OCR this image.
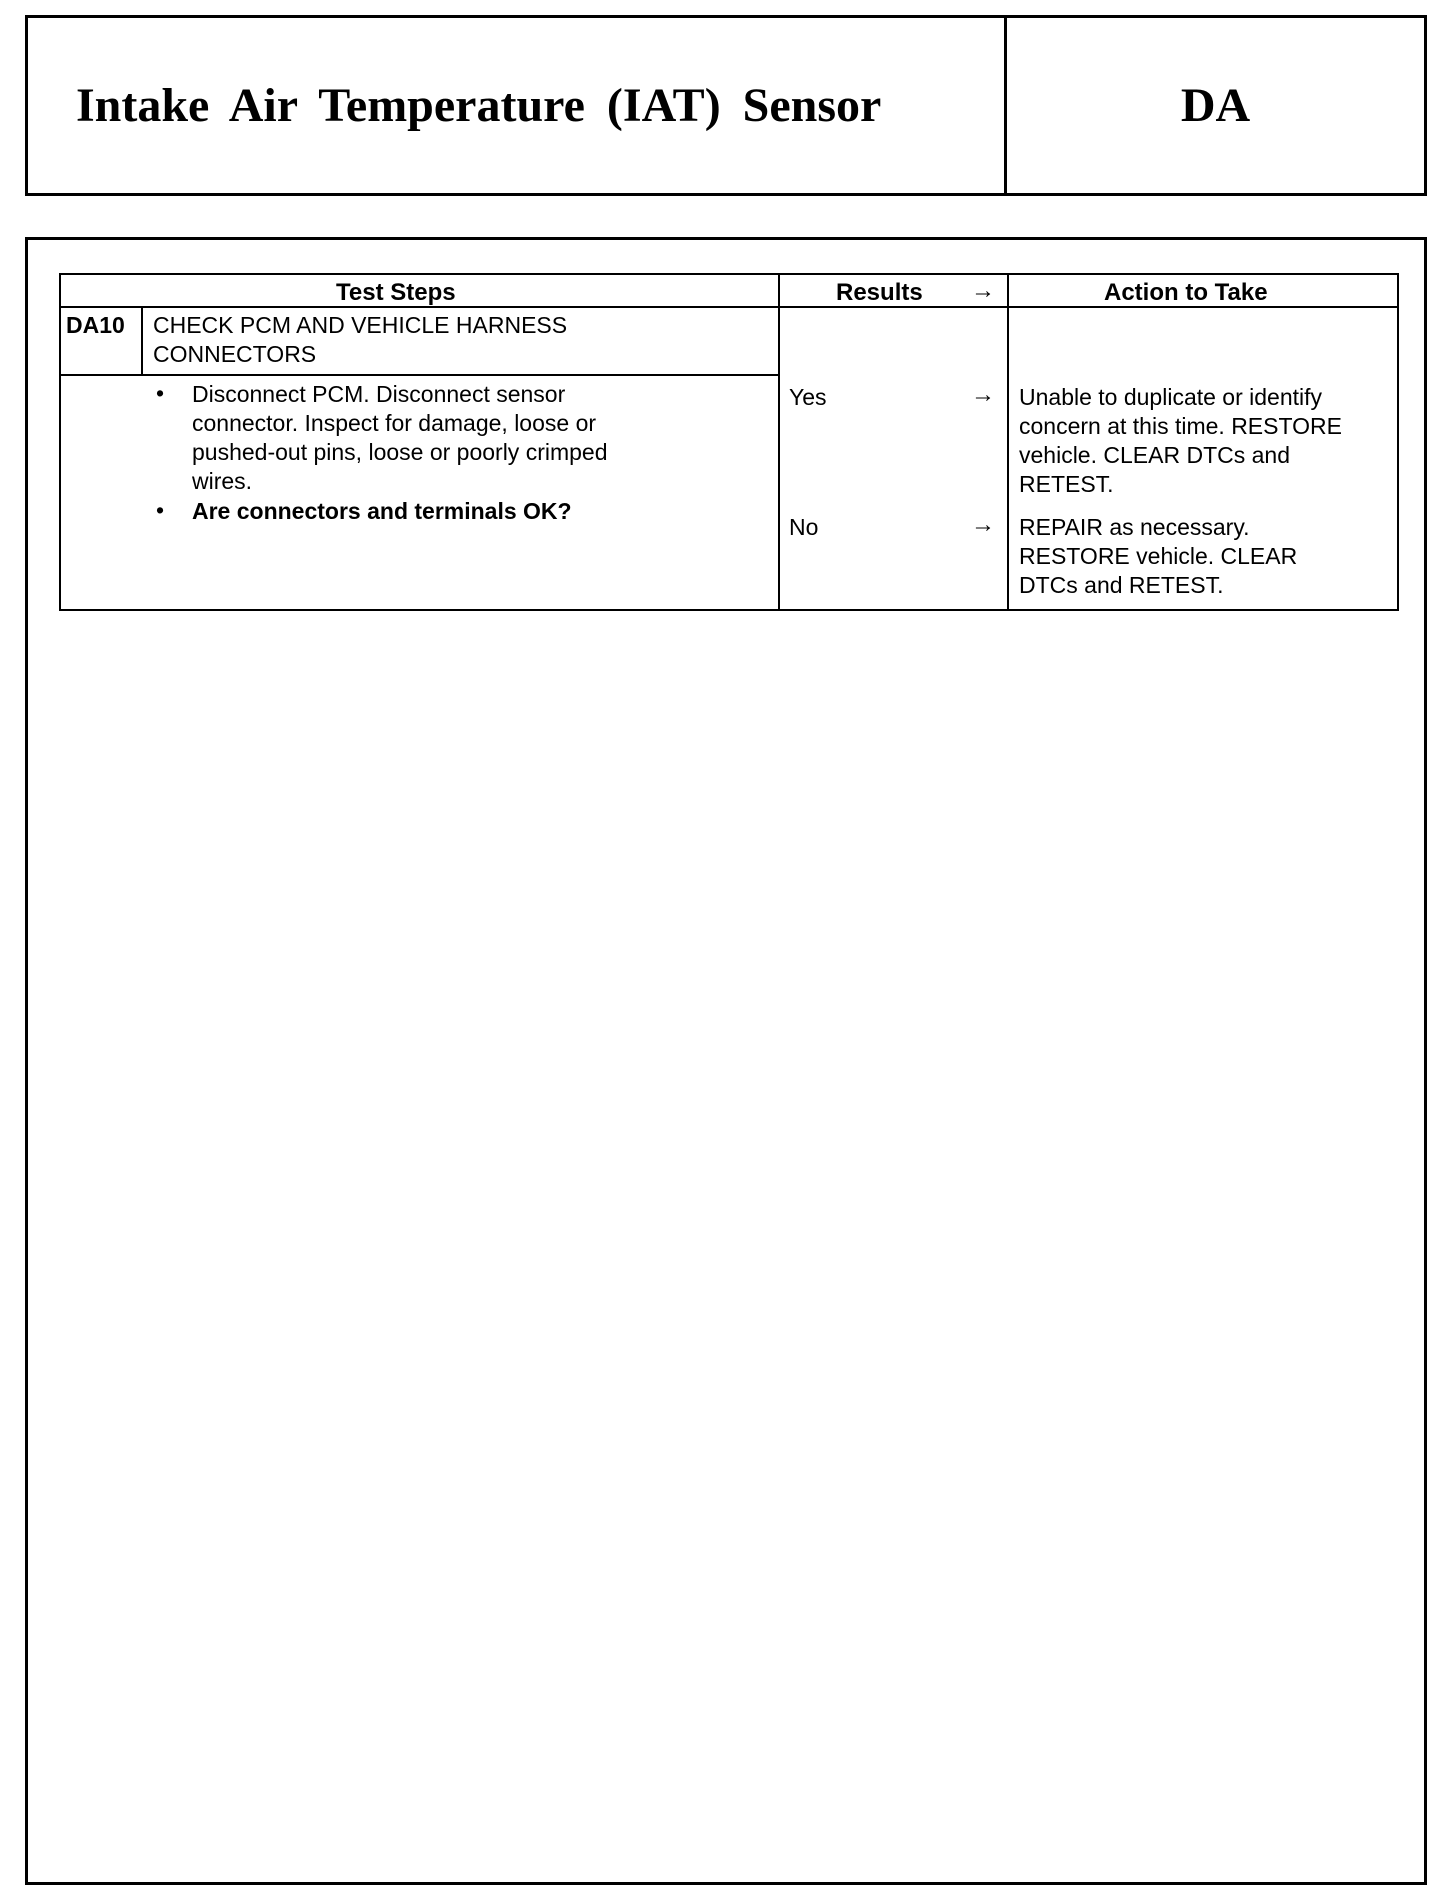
Intake Air Temperature (IAT) Sensor	DA
Test Steps	Results →	Action to Take
DA10 CHECK PCM AND VEHICLE HARNESS
CONNECTORS
• Disconnect PCM. Disconnect sensor
connector. Inspect for damage, loose or
pushed-out pins, loose or poorly crimped
wires.
• Are connectors and terminals OK?
Yes	→ Unable to duplicate or identify
concern at this time. RESTORE
vehicle. CLEAR DTCs and
RETEST.
No	→ REPAIR as necessary.
RESTORE vehicle. CLEAR
DTCs and RETEST.
